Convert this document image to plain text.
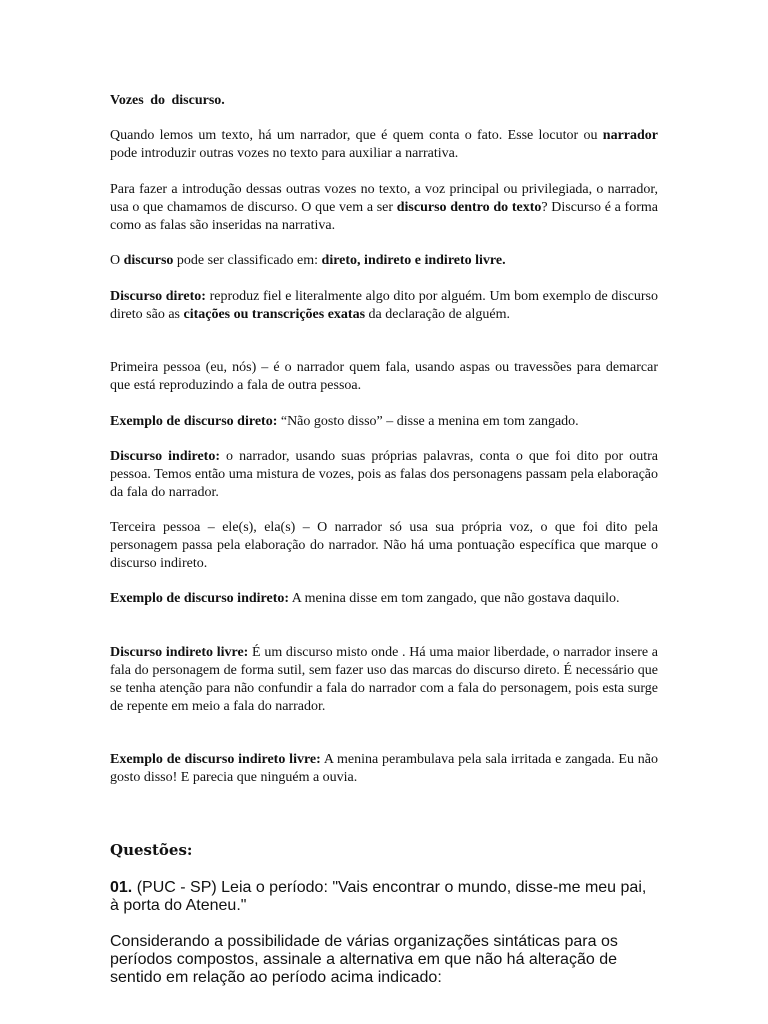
Vozes do discurso.

Quando lemos um texto, há um narrador, que é quem conta o fato. Esse locutor ou narrador pode introduzir outras vozes no texto para auxiliar a narrativa.

Para fazer a introdução dessas outras vozes no texto, a voz principal ou privilegiada, o narrador, usa o que chamamos de discurso. O que vem a ser discurso dentro do texto? Discurso é a forma como as falas são inseridas na narrativa.

O discurso pode ser classificado em: direto, indireto e indireto livre.

Discurso direto: reproduz fiel e literalmente algo dito por alguém. Um bom exemplo de discurso direto são as citações ou transcrições exatas da declaração de alguém.

Primeira pessoa (eu, nós) – é o narrador quem fala, usando aspas ou travessões para demarcar que está reproduzindo a fala de outra pessoa.

Exemplo de discurso direto: “Não gosto disso” – disse a menina em tom zangado.

Discurso indireto: o narrador, usando suas próprias palavras, conta o que foi dito por outra pessoa. Temos então uma mistura de vozes, pois as falas dos personagens passam pela elaboração da fala do narrador.

Terceira pessoa – ele(s), ela(s) – O narrador só usa sua própria voz, o que foi dito pela personagem passa pela elaboração do narrador. Não há uma pontuação específica que marque o discurso indireto.

Exemplo de discurso indireto: A menina disse em tom zangado, que não gostava daquilo.

Discurso indireto livre: É um discurso misto onde . Há uma maior liberdade, o narrador insere a fala do personagem de forma sutil, sem fazer uso das marcas do discurso direto. É necessário que se tenha atenção para não confundir a fala do narrador com a fala do personagem, pois esta surge de repente em meio a fala do narrador.

Exemplo de discurso indireto livre: A menina perambulava pela sala irritada e zangada. Eu não gosto disso! E parecia que ninguém a ouvia.

Questões:

01. (PUC - SP) Leia o período: "Vais encontrar o mundo, disse-me meu pai, à porta do Ateneu."

Considerando a possibilidade de várias organizações sintáticas para os períodos compostos, assinale a alternativa em que não há alteração de sentido em relação ao período acima indicado:
